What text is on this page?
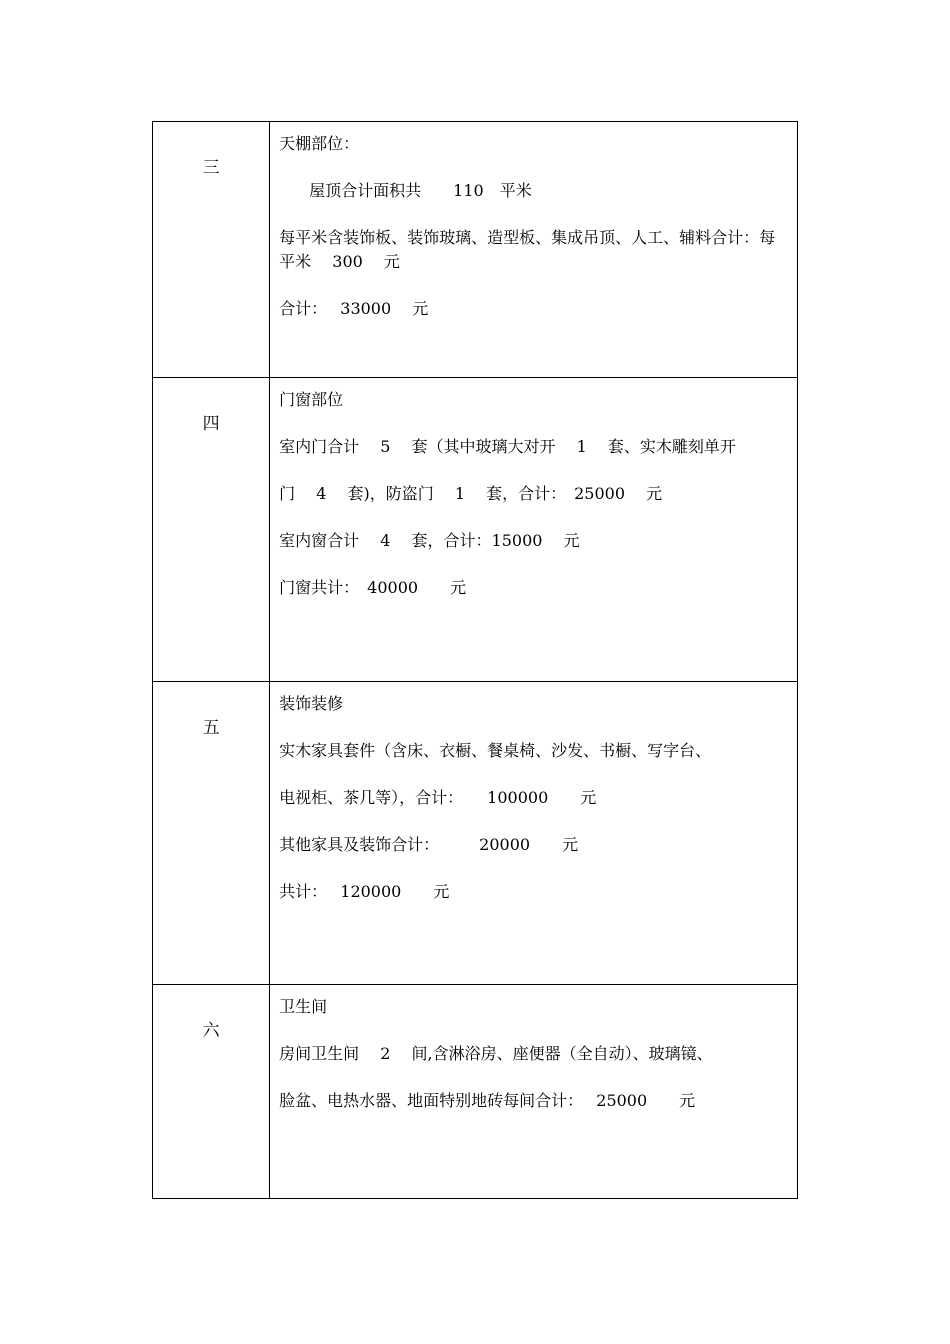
三	天棚部位：

屋顶合计面积共　　110　平米

每平米含装饰板、装饰玻璃、造型板、集成吊顶、人工、辅料合计：每平米　 300　 元

合计：　 33000　 元

四	门窗部位

室内门合计　 5　 套（其中玻璃大对开　 1　 套、实木雕刻单开

门　 4　 套)，防盗门　 1　 套，合计：　25000　 元

室内窗合计　 4　 套，合计：15000　 元

门窗共计：　40000　　元

五	装饰装修

实木家具套件（含床、衣橱、餐桌椅、沙发、书橱、写字台、

电视柜、茶几等），合计：　　100000　　元

其他家具及装饰合计：　　　20000　　元

共计：　 120000　　元

六	卫生间

房间卫生间　 2　 间,含淋浴房、座便器（全自动）、玻璃镜、

脸盆、电热水器、地面特别地砖每间合计：　 25000　　元
